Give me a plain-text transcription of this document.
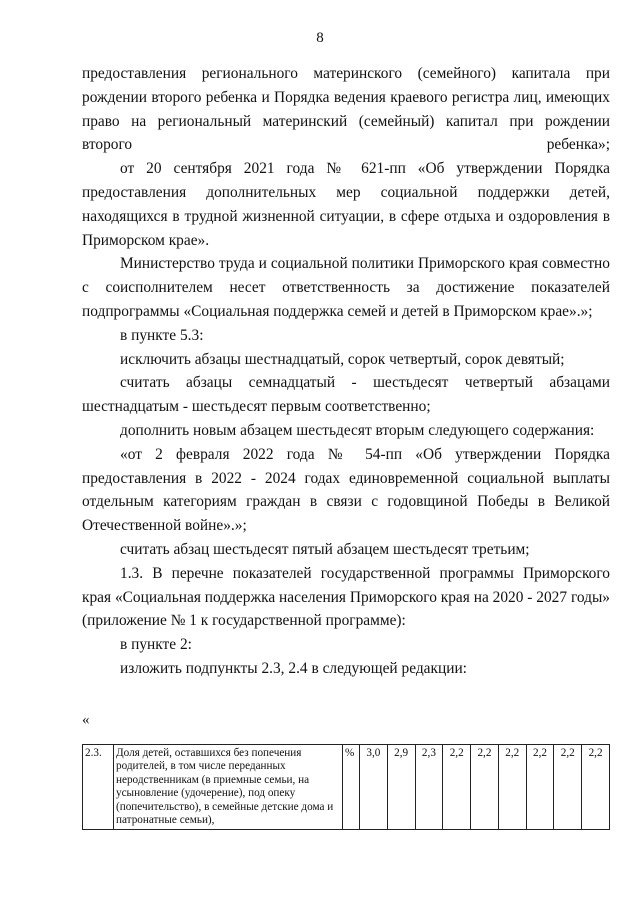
8

предоставления регионального материнского (семейного) капитала при рождении второго ребенка и Порядка ведения краевого регистра лиц, имеющих право на региональный материнский (семейный) капитал при рождении второго ребенка»;

от 20 сентября 2021 года № 621-пп «Об утверждении Порядка предоставления дополнительных мер социальной поддержки детей, находящихся в трудной жизненной ситуации, в сфере отдыха и оздоровления в Приморском крае».

Министерство труда и социальной политики Приморского края совместно с соисполнителем несет ответственность за достижение показателей подпрограммы «Социальная поддержка семей и детей в Приморском крае».»;

в пункте 5.3:

исключить абзацы шестнадцатый, сорок четвертый, сорок девятый;

считать абзацы семнадцатый - шестьдесят четвертый абзацами шестнадцатым - шестьдесят первым соответственно;

дополнить новым абзацем шестьдесят вторым следующего содержания:

«от 2 февраля 2022 года № 54-пп «Об утверждении Порядка предоставления в 2022 - 2024 годах единовременной социальной выплаты отдельным категориям граждан в связи с годовщиной Победы в Великой Отечественной войне».»;

считать абзац шестьдесят пятый абзацем шестьдесят третьим;

1.3. В перечне показателей государственной программы Приморского края «Социальная поддержка населения Приморского края на 2020 - 2027 годы» (приложение № 1 к государственной программе):

в пункте 2:

изложить подпункты 2.3, 2.4 в следующей редакции:

«
2.3.	Доля детей, оставшихся без попечения родителей, в том числе переданных неродственникам (в приемные семьи, на усыновление (удочерение), под опеку (попечительство), в семейные детские дома и патронатные семьи),	%	3,0	2,9	2,3	2,2	2,2	2,2	2,2	2,2	2,2
